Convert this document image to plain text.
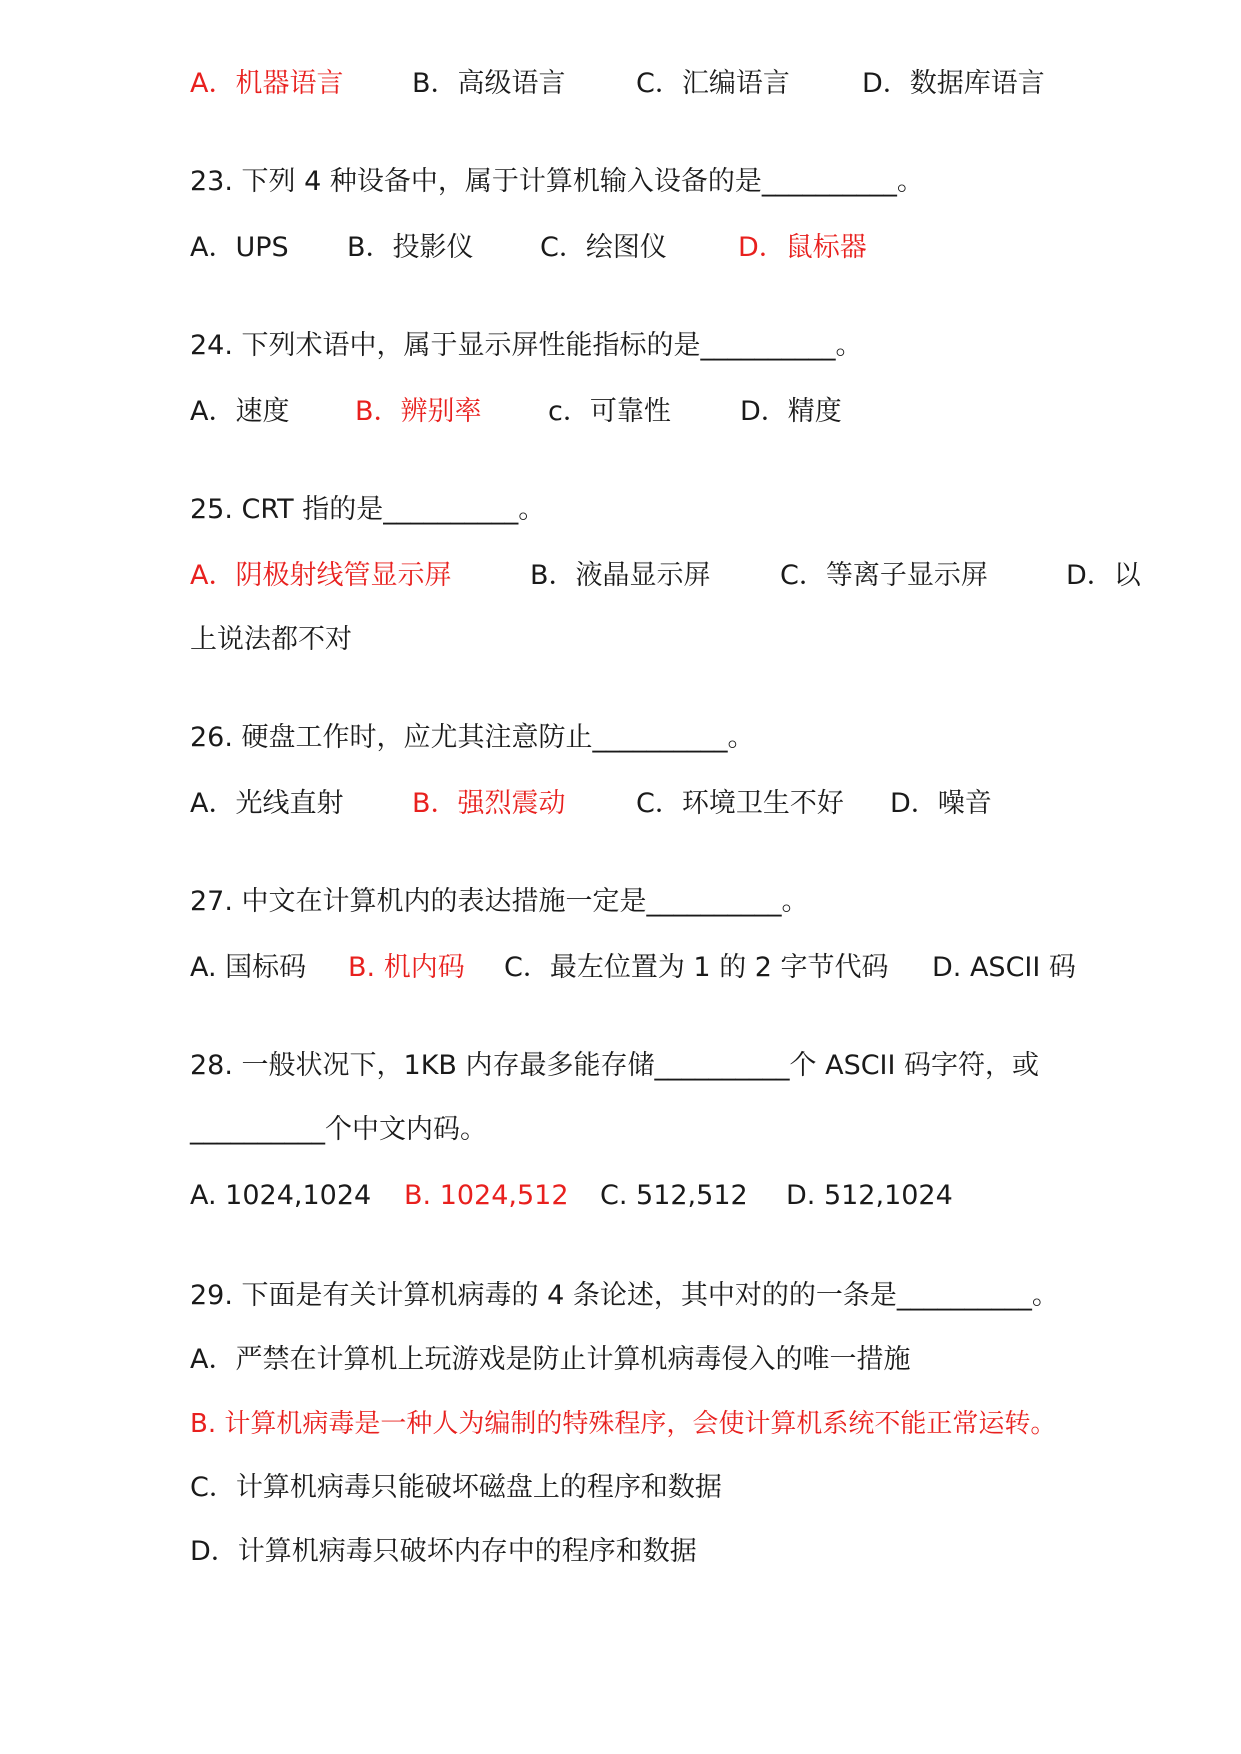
A．机器语言	B．高级语言	C．汇编语言	D．数据库语言
23. 下列 4 种设备中，属于计算机输入设备的是__________。
A．UPS B．投影仪 C．绘图仪	D．鼠标器
24. 下列术语中，属于显示屏性能指标的是__________。
A．速度 B．辨别率 c．可靠性	D．精度
25. CRT 指的是__________。
A．阴极射线管显示屏	B．液晶显示屏	C．等离子显示屏	D．以
上说法都不对
26. 硬盘工作时，应尤其注意防止__________。
A．光线直射	B．强烈震动	C．环境卫生不好 D．噪音
27. 中文在计算机内的表达措施一定是__________。
A. 国标码 B. 机内码 C．最左位置为 1 的 2 字节代码 D. ASCII 码
28. 一般状况下，1KB 内存最多能存储__________个 ASCII 码字符，或
__________个中文内码。
A. 1024,1024 B. 1024,512 C. 512,512 D. 512,1024
29. 下面是有关计算机病毒的 4 条论述，其中对的的一条是__________。
A．严禁在计算机上玩游戏是防止计算机病毒侵入的唯一措施
B. 计算机病毒是一种人为编制的特殊程序，会使计算机系统不能正常运转。
C．计算机病毒只能破坏磁盘上的程序和数据
D．计算机病毒只破坏内存中的程序和数据
